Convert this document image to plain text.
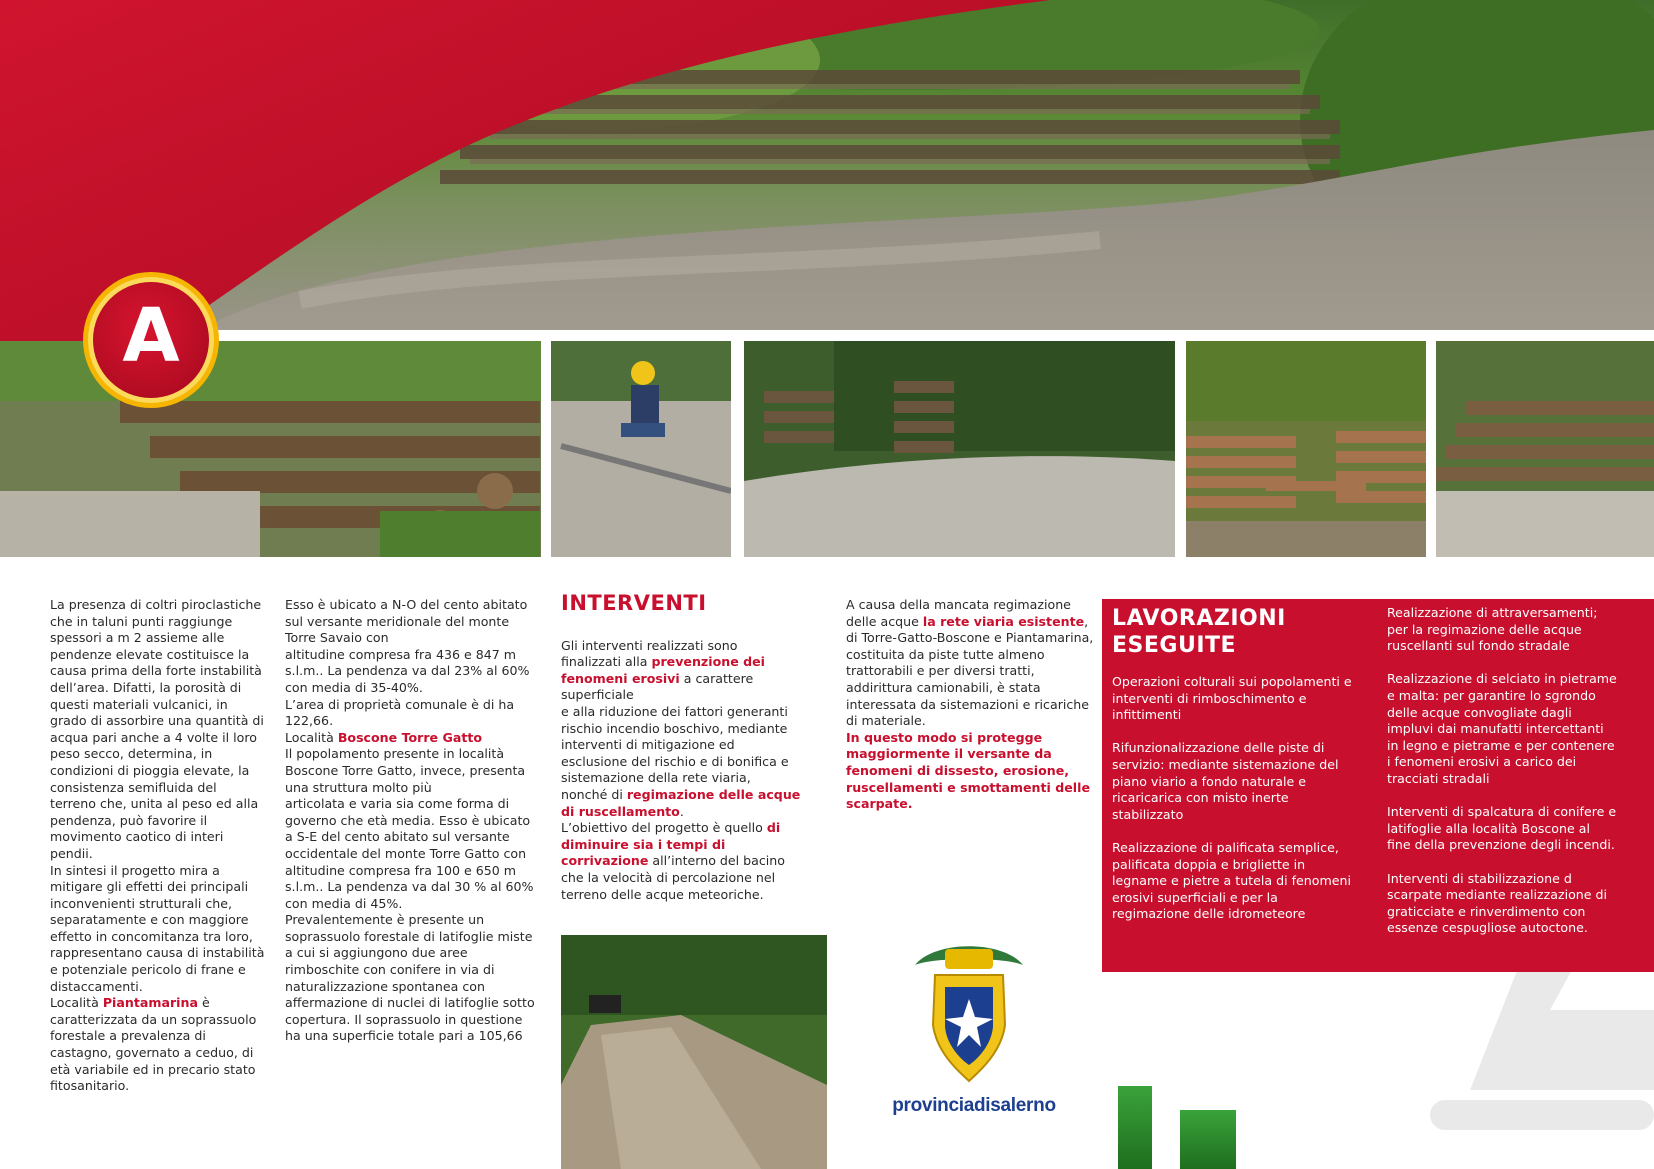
A

La presenza di coltri piroclastiche che in taluni punti raggiunge spessori a m 2 assieme alle pendenze elevate costituisce la causa prima della forte instabilità dell’area. Difatti, la porosità di questi materiali vulcanici, in grado di assorbire una quantità di acqua pari anche a 4 volte il loro peso secco, determina, in condizioni di pioggia elevate, la consistenza semifluida del terreno che, unita al peso ed alla pendenza, può favorire il movimento caotico di interi pendii.

In sintesi il progetto mira a mitigare gli effetti dei principali inconvenienti strutturali che, separatamente e con maggiore effetto in concomitanza tra loro, rappresentano causa di instabilità e potenziale pericolo di frane e distaccamenti.

Località Piantamarina è caratterizzata da un soprassuolo forestale a prevalenza di castagno, governato a ceduo, di età variabile ed in precario stato fitosanitario.

Esso è ubicato a N-O del cento abitato sul versante meridionale del monte Torre Savaio con

altitudine compresa fra 436 e 847 m s.l.m.. La pendenza va dal 23% al 60% con media di 35-40%.

L’area di proprietà comunale è di ha 122,66.

Località Boscone Torre Gatto

Il popolamento presente in località Boscone Torre Gatto, invece, presenta una struttura molto più

articolata e varia sia come forma di governo che età media. Esso è ubicato a S-E del cento abitato sul versante occidentale del monte Torre Gatto con altitudine compresa fra 100 e 650 m s.l.m.. La pendenza va dal 30 % al 60% con media di 45%.

Prevalentemente è presente un soprassuolo forestale di latifoglie miste a cui si aggiungono due aree rimboschite con conifere in via di naturalizzazione spontanea con affermazione di nuclei di latifoglie sotto copertura. Il soprassuolo in questione ha una superficie totale pari a 105,66

INTERVENTI

Gli interventi realizzati sono finalizzati alla prevenzione dei fenomeni erosivi a carattere superficiale

e alla riduzione dei fattori generanti rischio incendio boschivo, mediante interventi di mitigazione ed esclusione del rischio e di bonifica e sistemazione della rete viaria, nonché di regimazione delle acque di ruscellamento.

L’obiettivo del progetto è quello di diminuire sia i tempi di corrivazione all’interno del bacino che la velocità di percolazione nel terreno delle acque meteoriche.

A causa della mancata regimazione delle acque la rete viaria esistente, di Torre-Gatto-Boscone e Piantamarina, costituita da piste tutte almeno trattorabili e per diversi tratti, addirittura camionabili, è stata interessata da sistemazioni e ricariche di materiale.

In questo modo si protegge maggiormente il versante da fenomeni di dissesto, erosione, ruscellamenti e smottamenti delle scarpate.

provinciadisalerno
LAVORAZIONI
ESEGUITE

Operazioni colturali sui popolamenti e interventi di rimboschimento e infittimenti

Rifunzionalizzazione delle piste di servizio: mediante sistemazione del piano viario a fondo naturale e ricaricarica con misto inerte stabilizzato

Realizzazione di palificata semplice, palificata doppia e brigliette in legname e pietre a tutela di fenomeni erosivi superficiali e per la regimazione delle idrometeore

Realizzazione di attraversamenti; per la regimazione delle acque ruscellanti sul fondo stradale

Realizzazione di selciato in pietrame e malta: per garantire lo sgrondo delle acque convogliate dagli impluvi dai manufatti intercettanti in legno e pietrame e per contenere i fenomeni erosivi a carico dei tracciati stradali

Interventi di spalcatura di conifere e latifoglie alla località Boscone al fine della prevenzione degli incendi.

Interventi di stabilizzazione d scarpate mediante realizzazione di graticciate e rinverdimento con essenze cespugliose autoctone.
